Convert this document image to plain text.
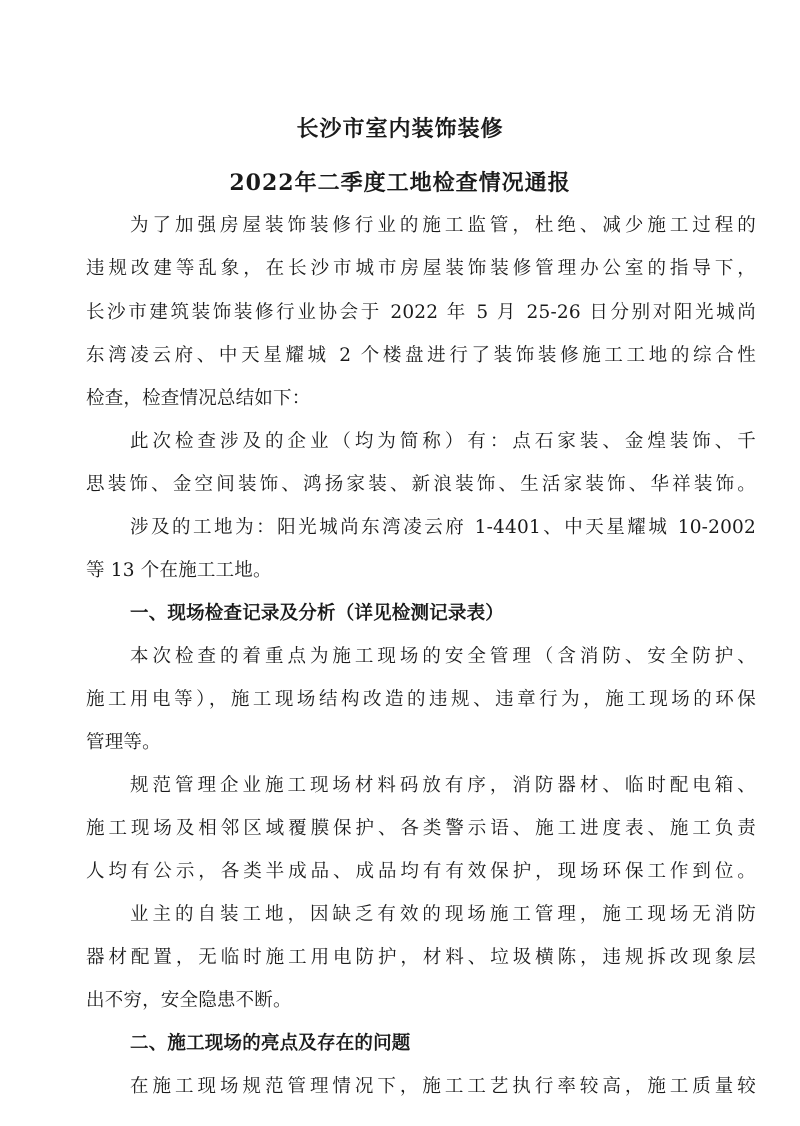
长沙市室内装饰装修
2022年二季度工地检查情况通报
为了加强房屋装饰装修行业的施工监管，杜绝、减少施工过程的
违规改建等乱象，在长沙市城市房屋装饰装修管理办公室的指导下，
长沙市建筑装饰装修行业协会于 2022 年 5 月 25-26 日分别对阳光城尚
东湾凌云府、中天星耀城 2 个楼盘进行了装饰装修施工工地的综合性
检查，检查情况总结如下：
此次检查涉及的企业（均为简称）有：点石家装、金煌装饰、千
思装饰、金空间装饰、鸿扬家装、新浪装饰、生活家装饰、华祥装饰。
涉及的工地为：阳光城尚东湾凌云府 1-4401、中天星耀城 10-2002
等 13 个在施工工地。
一、现场检查记录及分析（详见检测记录表）
本次检查的着重点为施工现场的安全管理（含消防、安全防护、
施工用电等），施工现场结构改造的违规、违章行为，施工现场的环保
管理等。
规范管理企业施工现场材料码放有序，消防器材、临时配电箱、
施工现场及相邻区域覆膜保护、各类警示语、施工进度表、施工负责
人均有公示，各类半成品、成品均有有效保护，现场环保工作到位。
业主的自装工地，因缺乏有效的现场施工管理，施工现场无消防
器材配置，无临时施工用电防护，材料、垃圾横陈，违规拆改现象层
出不穷，安全隐患不断。
二、施工现场的亮点及存在的问题
在施工现场规范管理情况下，施工工艺执行率较高，施工质量较
